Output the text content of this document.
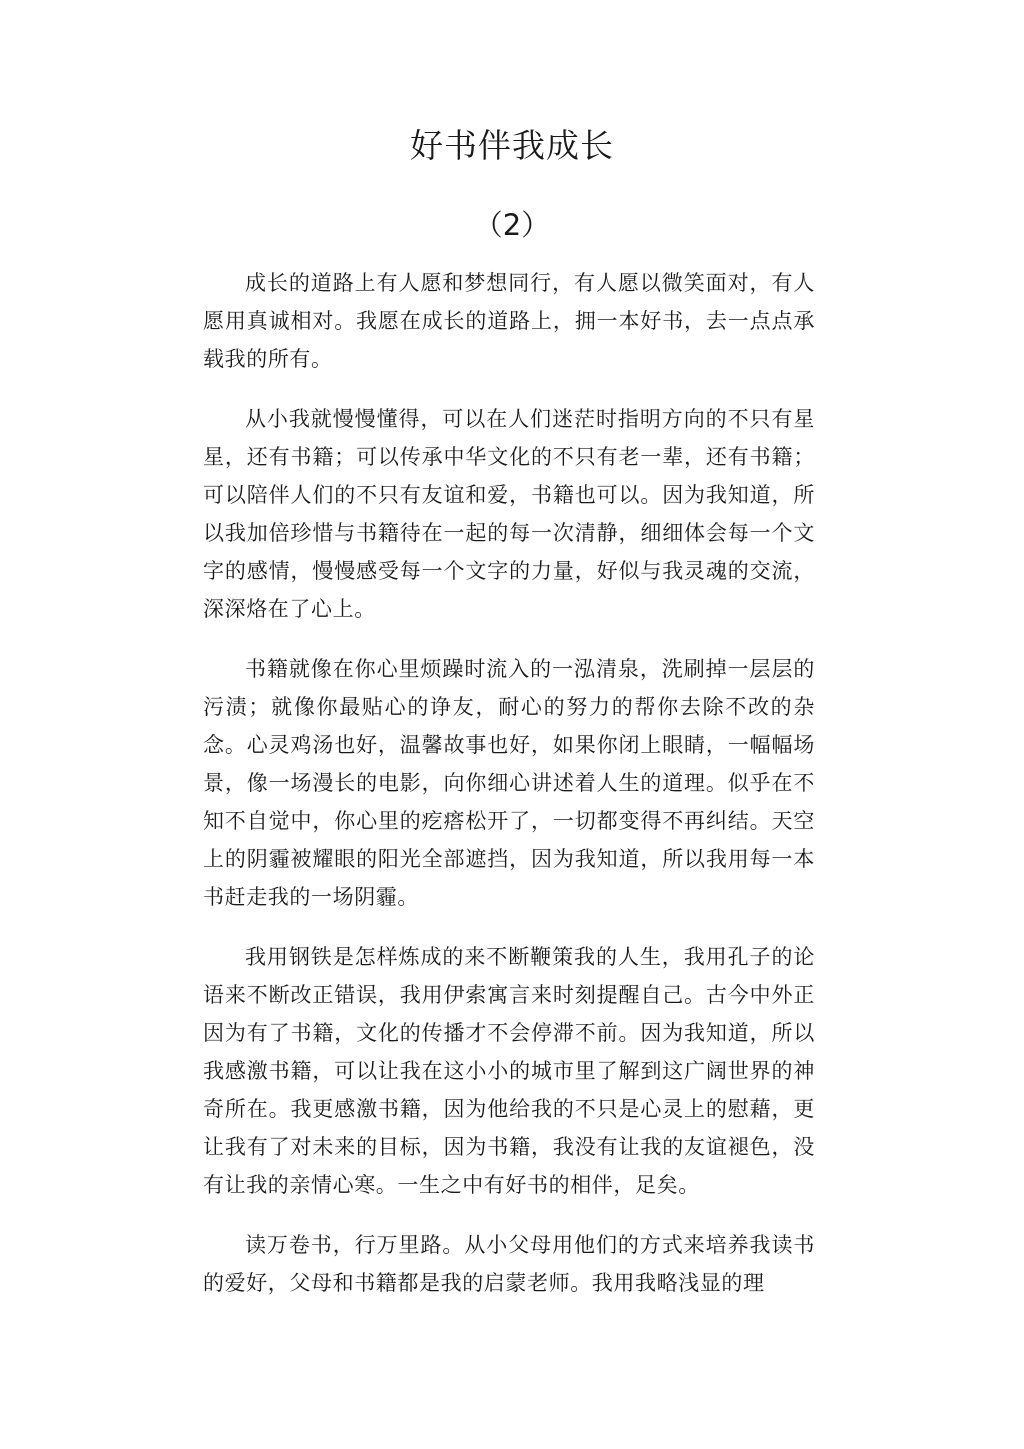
好书伴我成长
（2）

成长的道路上有人愿和梦想同行，有人愿以微笑面对，有人愿用真诚相对。我愿在成长的道路上，拥一本好书，去一点点承载我的所有。

从小我就慢慢懂得，可以在人们迷茫时指明方向的不只有星星，还有书籍；可以传承中华文化的不只有老一辈，还有书籍；可以陪伴人们的不只有友谊和爱，书籍也可以。因为我知道，所以我加倍珍惜与书籍待在一起的每一次清静，细细体会每一个文字的感情，慢慢感受每一个文字的力量，好似与我灵魂的交流，深深烙在了心上。

书籍就像在你心里烦躁时流入的一泓清泉，洗刷掉一层层的污渍；就像你最贴心的诤友，耐心的努力的帮你去除不改的杂念。心灵鸡汤也好，温馨故事也好，如果你闭上眼睛，一幅幅场景，像一场漫长的电影，向你细心讲述着人生的道理。似乎在不知不自觉中，你心里的疙瘩松开了，一切都变得不再纠结。天空上的阴霾被耀眼的阳光全部遮挡，因为我知道，所以我用每一本书赶走我的一场阴霾。

我用钢铁是怎样炼成的来不断鞭策我的人生，我用孔子的论语来不断改正错误，我用伊索寓言来时刻提醒自己。古今中外正因为有了书籍，文化的传播才不会停滞不前。因为我知道，所以我感激书籍，可以让我在这小小的城市里了解到这广阔世界的神奇所在。我更感激书籍，因为他给我的不只是心灵上的慰藉，更让我有了对未来的目标，因为书籍，我没有让我的友谊褪色，没有让我的亲情心寒。一生之中有好书的相伴，足矣。

读万卷书，行万里路。从小父母用他们的方式来培养我读书的爱好，父母和书籍都是我的启蒙老师。我用我略浅显的理
